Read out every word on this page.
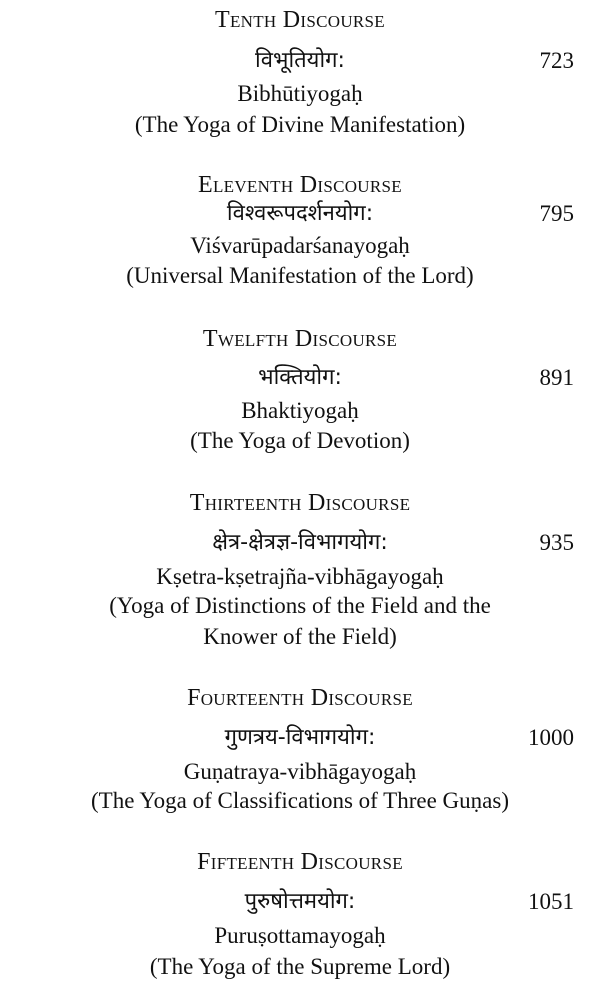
Tenth Discourse
विभूतियोग:	723
Bibhūtiyogaḥ
(The Yoga of Divine Manifestation)
Eleventh Discourse
विश्वरूपदर्शनयोग:	795
Viśvarūpadarśanayogaḥ
(Universal Manifestation of the Lord)
Twelfth Discourse
भक्तियोग:	891
Bhaktiyogaḥ
(The Yoga of Devotion)
Thirteenth Discourse
क्षेत्र-क्षेत्रज्ञ-विभागयोग:	935
Kṣetra-kṣetrajña-vibhāgayogaḥ
(Yoga of Distinctions of the Field and the
Knower of the Field)
Fourteenth Discourse
गुणत्रय-विभागयोग:	1000
Guṇatraya-vibhāgayogaḥ
(The Yoga of Classifications of Three Guṇas)
Fifteenth Discourse
पुरुषोत्तमयोग:	1051
Puruṣottamayogaḥ
(The Yoga of the Supreme Lord)
